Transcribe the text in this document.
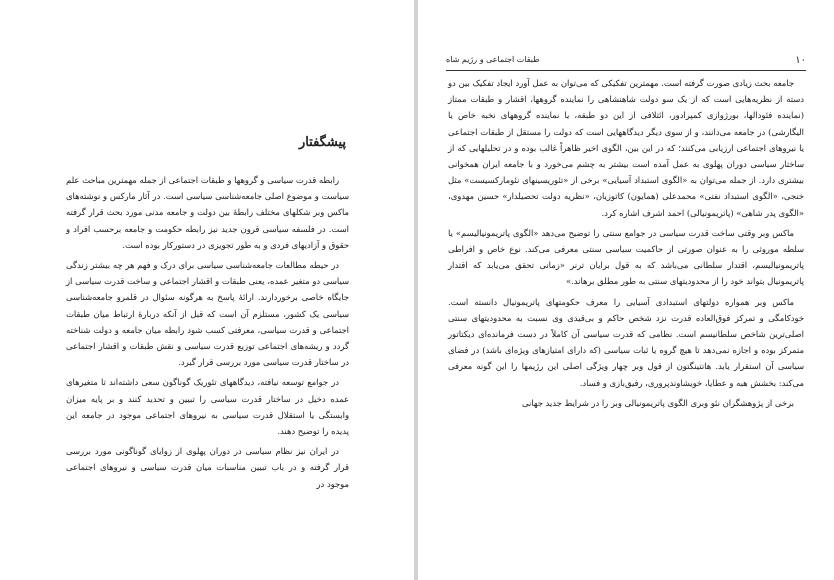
پیشگفتار

رابطه قدرت سیاسی و گروهها و طبقات اجتماعی از جمله مهمترین مباحث علم سیاست و موضوع اصلی جامعه‌شناسی سیاسی است. در آثار مارکس و نوشته‌های ماکس وبر شکلهای مختلف رابطهٔ بین دولت و جامعه مدنی مورد بحث قرار گرفته است. در فلسفه سیاسی قرون جدید نیز رابطه حکومت و جامعه برحسب افراد و حقوق و آزادیهای فردی و به طور تجویزی در دستورکار بوده است.

در حیطه مطالعات جامعه‌شناسی سیاسی برای درک و فهم هر چه بیشتر زندگی سیاسی دو متغیر عمده، یعنی طبقات و اقشار اجتماعی و ساخت قدرت سیاسی از جایگاه خاصی برخوردارند. ارائهٔ پاسخ به هرگونه سئوال در قلمرو جامعه‌شناسی سیاسی یک کشور، مستلزم آن است که قبل از آنکه دربارهٔ ارتباط میان طبقات اجتماعی و قدرت سیاسی، معرفتی کسب شود رابطه میان جامعه و دولت شناخته گردد و ریشه‌های اجتماعی توزیع قدرت سیاسی و نقش طبقات و اقشار اجتماعی در ساختار قدرت سیاسی مورد بررسی قرار گیرد.

در جوامع توسعه نیافته، دیدگاههای تئوریک گوناگون سعی داشته‌اند تا متغیرهای عمده دخیل در ساختار قدرت سیاسی را تبیین و تحدید کنند و بر پایه میزان وابستگی یا استقلال قدرت سیاسی به نیروهای اجتماعی موجود در جامعه این پدیده را توضیح دهند.

در ایران نیز نظام سیاسی در دوران پهلوی از زوایای گوناگونی مورد بررسی قرار گرفته و در باب تبیین مناسبات میان قدرت سیاسی و نیروهای اجتماعی موجود در

۱۰
طبقات اجتماعی و رژیم شاه

جامعه بحث زیادی صورت گرفته است. مهمترین تفکیکی که می‌توان به عمل آورد ایجاد تفکیک بین دو دسته از نظریه‌هایی است که از یک سو دولت شاهنشاهی را نماینده گروهها، اقشار و طبقات ممتاز (نماینده فئودالها، بورژوازی کمپرادور، ائتلافی از این دو طبقه، یا نماینده گروههای نخبه خاص یا الیگارشی) در جامعه می‌دانند، و از سوی دیگر دیدگاههایی است که دولت را مستقل از طبقات اجتماعی یا نیروهای اجتماعی ارزیابی می‌کنند؛ که در این بین، الگوی اخیر ظاهراً غالب بوده و در تحلیلهایی که از ساختار سیاسی دوران پهلوی به عمل آمده است بیشتر به چشم می‌خورد و با جامعه ایران همخوانی بیشتری دارد. از جمله می‌توان به «الگوی استبداد آسیایی» برخی از «تئوریسینهای نئومارکسیست» مثل خنجی، «الگوی استبداد نفتی» محمدعلی (همایون) کاتوزیان، «نظریه دولت تحصیلدار» حسین مهدوی، «الگوی پدر شاهی» (پاتریمونیالی) احمد اشرف اشاره کرد.

ماکس وبر وقتی ساخت قدرت سیاسی در جوامع سنتی را توضیح می‌دهد «الگوی پاتریمونیالیسم» یا سلطه موروثی را به عنوان صورتی از حاکمیت سیاسی سنتی معرفی می‌کند. نوع خاص و افراطی پاتریمونیالیسم، اقتدار سلطانی می‌باشد که به قول برایان ترنر «زمانی تحقق می‌یابد که اقتدار پاتریمونیال بتواند خود را از محدودیتهای سنتی به طور مطلق برهاند.»

ماکس وبر همواره دولتهای استبدادی آسیایی را معرف حکومتهای پاتریمونیال دانسته است. خودکامگی و تمرکز فوق‌العاده قدرت نزد شخص حاکم و بی‌قیدی وی نسبت به محدودیتهای سنتی اصلی‌ترین شاخص سلطانیسم است. نظامی که قدرت سیاسی آن کاملاً در دست فرمانده‌ای دیکتاتور متمرکز بوده و اجازه نمی‌دهد تا هیچ گروه یا ثبات سیاسی (که دارای امتیازهای ویژه‌ای باشد) در فضای سیاسی آن استقرار یابد. هانتینگتون از قول وبر چهار ویژگی اصلی این رژیمها را این گونه معرفی می‌کند: بخشش هبه و عطایا، خویشاوندپروری، رفیق‌بازی و فساد.

برخی از پژوهشگران نئو وبری الگوی پاتریمونیالی وبر را در شرایط جدید جهانی
